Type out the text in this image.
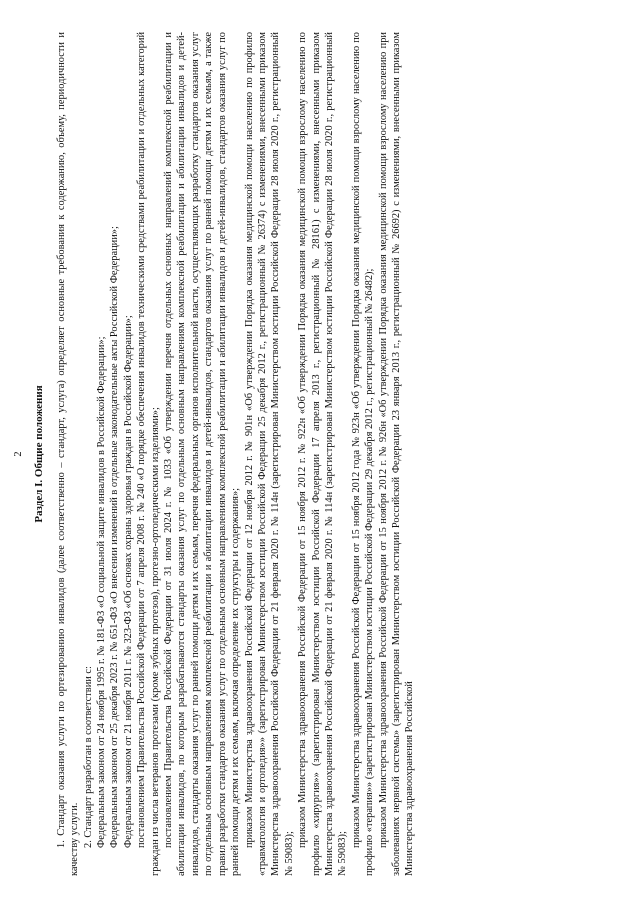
2 Раздел I. Общие положения 1. Стандарт оказания услуги по ортезированию инвалидов (далее соответственно – стандарт, услуга) определяет основные требования к содержанию, объему, периодичности и качеству услуги. 2. Стандарт разработан в соответствии с: Федеральным законом от 24 ноября 1995 г. № 181-ФЗ «О социальной защите инвалидов в Российской Федерации»; Федеральным законом от 25 декабря 2023 г. № 651-ФЗ «О внесении изменений в отдельные законодательные акты Российской Федерации»; Федеральным законом от 21 ноября 2011 г. № 323-ФЗ «Об основах охраны здоровья граждан в Российской Федерации»; постановлением Правительства Российской Федерации от 7 апреля 2008 г. № 240 «О порядке обеспечения инвалидов техническими средствами реабилитации и отдельных категорий граждан из числа ветеранов протезами (кроме зубных протезов), протезно-ортопедическими изделиями»; постановлением Правительства Российской Федерации от 31 июля 2024 г. № 1033 «Об утверждении перечня отдельных основных направлений комплексной реабилитации и абилитации инвалидов, по которым разрабатываются стандарты оказания услуг по отдельным основным направлениям комплексной реабилитации и абилитации инвалидов и детей-инвалидов, стандарты оказания услуг по ранней помощи детям и их семьям, перечня федеральных органов исполнительной власти, осуществляющих разработку стандартов оказания услуг по отдельным основным направлениям комплексной реабилитации и абилитации инвалидов и детей-инвалидов, стандартов оказания услуг по ранней помощи детям и их семьям, а также правил разработки стандартов оказания услуг по отдельным основным направлениям комплексной реабилитации и абилитации инвалидов и детей-инвалидов, стандартов оказания услуг по ранней помощи детям и их семьям, включая определение их структуры и содержания»; приказом Министерства здравоохранения Российской Федерации от 12 ноября 2012 г. № 901н «Об утверждении Порядка оказания медицинской помощи населению по профилю «травматология и ортопедия»» (зарегистрирован Министерством юстиции Российской Федерации 25 декабря 2012 г., регистрационный № 26374) с изменениями, внесенными приказом Министерства здравоохранения Российской Федерации от 21 февраля 2020 г. № 114н (зарегистрирован Министерством юстиции Российской Федерации 28 июля 2020 г., регистрационный № 59083);

приказом Министерства здравоохранения Российской Федерации от 15 ноября 2012 г. № 922н «Об утверждении Порядка оказания медицинской помощи взрослому населению по профилю «хирургия»» (зарегистрирован Министерством юстиции Российской Федерации 17 апреля 2013 г., регистрационный № 28161) с изменениями, внесенными приказом Министерства здравоохранения Российской Федерации от 21 февраля 2020 г. № 114н (зарегистрирован Министерством юстиции Российской Федерации 28 июля 2020 г., регистрационный № 59083);

приказом Министерства здравоохранения Российской Федерации от 15 ноября 2012 года № 923н «Об утверждении Порядка оказания медицинской помощи взрослому населению по профилю «терапия»» (зарегистрирован Министерством юстиции Российской Федерации 29 декабря 2012 г., регистрационный № 26482); приказом Министерства здравоохранения Российской Федерации от 15 ноября 2012 г. № 926н «Об утверждении Порядка оказания медицинской помощи взрослому населению при заболеваниях нервной системы» (зарегистрирован Министерством юстиции Российской Федерации 23 января 2013 г., регистрационный № 26692) с изменениями, внесенными приказом Министерства здравоохранения Российской
